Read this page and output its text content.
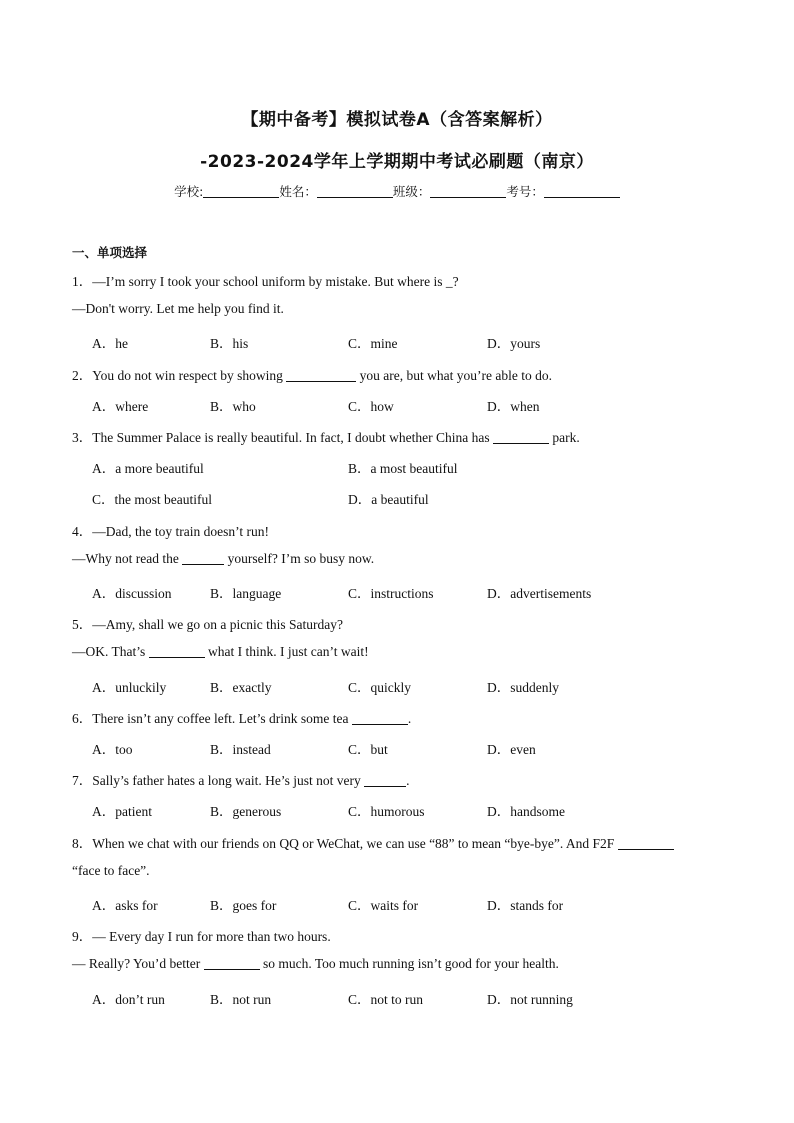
【期中备考】模拟试卷A（含答案解析）
-2023-2024学年上学期期中考试必刷题（南京）
学校:	姓名：	班级：	考号：
一、单项选择
1．—I’m sorry I took your school uniform by mistake. But where is _?
—Don't worry. Let me help you find it.
A．he	B．his	C．mine	D．yours
2．You do not win respect by showing	you are, but what you’re able to do.
A．where	B．who	C．how	D．when
3．The Summer Palace is really beautiful. In fact, I doubt whether China has	park.
A．a more beautiful	B．a most beautiful
C．the most beautiful	D．a beautiful
4．—Dad, the toy train doesn’t run!
—Why not read the	yourself? I’m so busy now.
A．discussion	B．language	C．instructions	D．advertisements
5．—Amy, shall we go on a picnic this Saturday?
—OK. That’s	what I think. I just can’t wait!
A．unluckily	B．exactly	C．quickly	D．suddenly
6．There isn’t any coffee left. Let’s drink some tea	.
A．too	B．instead	C．but	D．even
7．Sally’s father hates a long wait. He’s just not very	.
A．patient	B．generous	C．humorous	D．handsome
8．When we chat with our friends on QQ or WeChat, we can use “88” to mean “bye-bye”. And F2F
“face to face”.
A．asks for	B．goes for	C．waits for	D．stands for
9．— Every day I run for more than two hours.
— Really? You’d better	so much. Too much running isn’t good for your health.
A．don’t run	B．not run	C．not to run	D．not running
